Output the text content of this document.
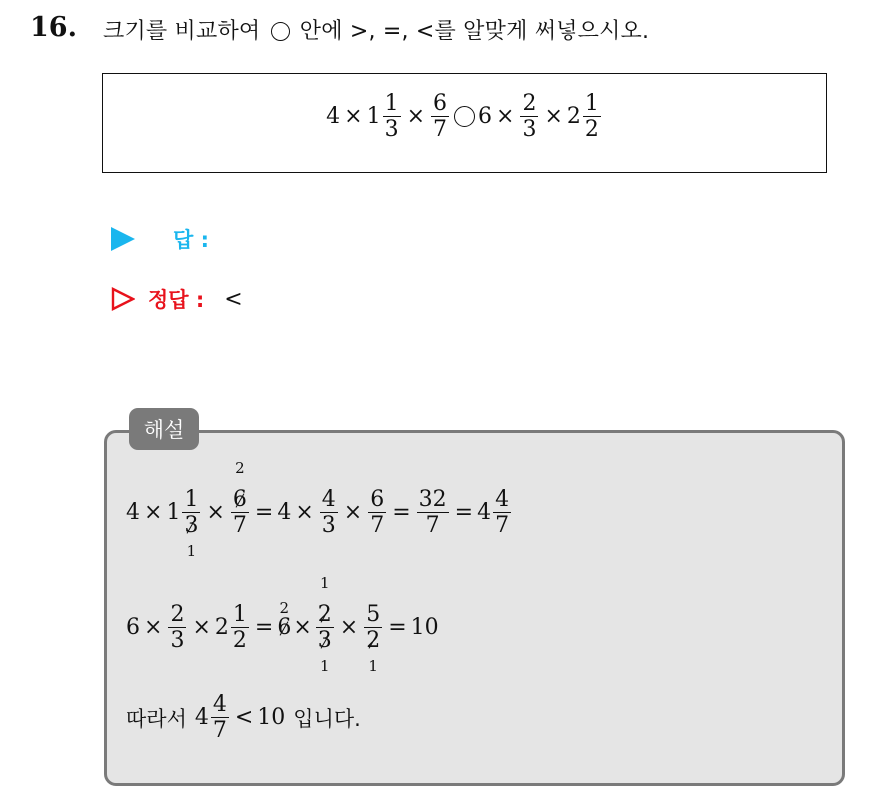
16. 크기를 비교하여 안에 >, =, <를 알맞게 써넣으시오.
$4 \times 1 \frac{1}{3} \times \frac{6}{7} 6 \times \frac{2}{3} \times 2 \frac{1}{2}$
답 :
정답 : <
해설
4 × 1 1
3
1 × 2
6
$7 = 4 \times \frac{4}{3} \times \frac{6}{7} = \frac{32}{7} = 4 \frac{4}{7}$
$6 \times \frac{2}{3} \times 2 \frac{1}{2}$ =
2
6 × 1
2
3
1 × 5
2
1 = 10
따라서 $4 \frac{4}{7} < 10$ 입니다.
